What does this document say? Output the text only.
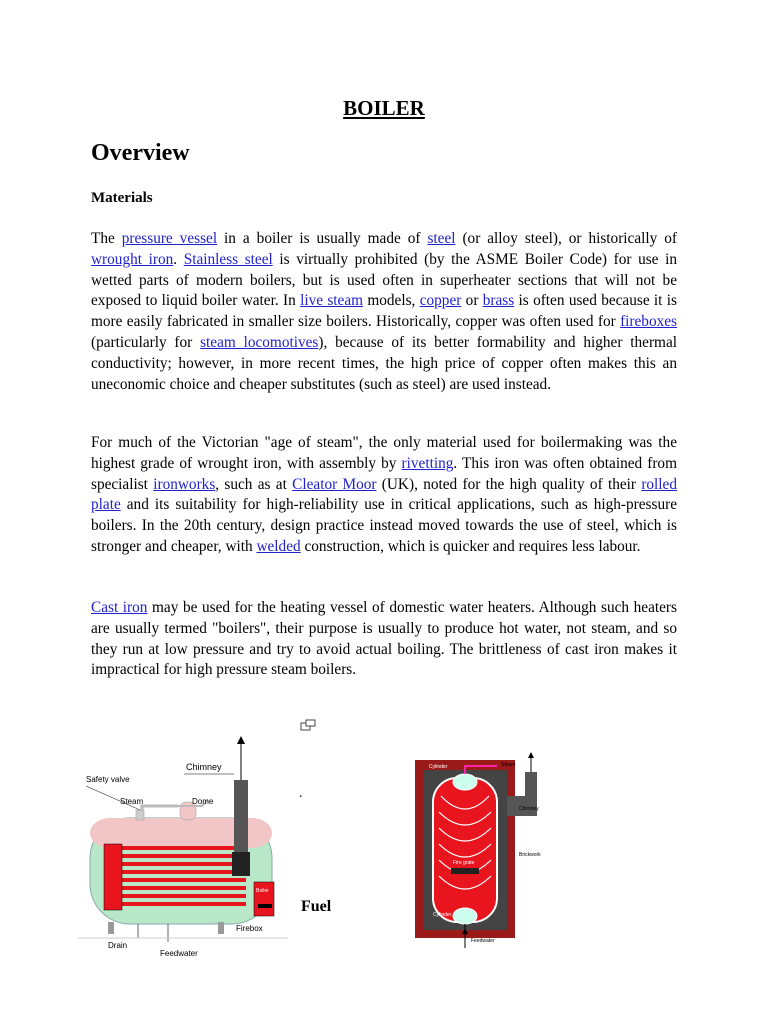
BOILER
Overview
Materials

The pressure vessel in a boiler is usually made of steel (or alloy steel), or historically of wrought iron. Stainless steel is virtually prohibited (by the ASME Boiler Code) for use in wetted parts of modern boilers, but is used often in superheater sections that will not be exposed to liquid boiler water. In live steam models, copper or brass is often used because it is more easily fabricated in smaller size boilers. Historically, copper was often used for fireboxes (particularly for steam locomotives), because of its better formability and higher thermal conductivity; however, in more recent times, the high price of copper often makes this an uneconomic choice and cheaper substitutes (such as steel) are used instead.

For much of the Victorian "age of steam", the only material used for boilermaking was the highest grade of wrought iron, with assembly by rivetting. This iron was often obtained from specialist ironworks, such as at Cleator Moor (UK), noted for the high quality of their rolled plate and its suitability for high-reliability use in critical applications, such as high-pressure boilers. In the 20th century, design practice instead moved towards the use of steel, which is stronger and cheaper, with welded construction, which is quicker and requires less labour.

Cast iron may be used for the heating vessel of domestic water heaters. Although such heaters are usually termed "boilers", their purpose is usually to produce hot water, not steam, and so they run at low pressure and try to avoid actual boiling. The brittleness of cast iron makes it impractical for high pressure steam boilers.

Chimney
Safety valve
Steam	Dome
Boiler
Firebox
Drain
Feedwater
.
Fuel
Steam
Cylinder
Chimney
Brickwork
Fire grate
Cylinder
Feedwater
